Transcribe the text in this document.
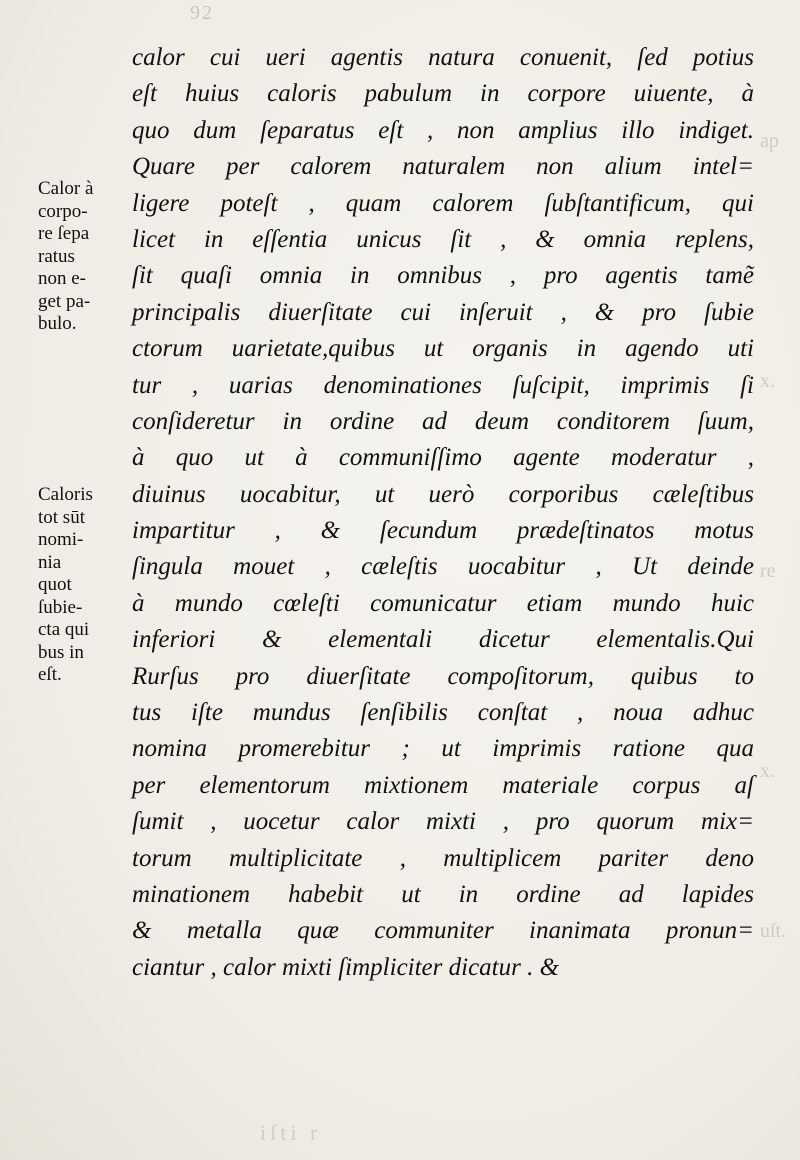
92
ap
x.
re
x.
uſt.
iſti r
Calor à
corpo-
re ſepa
ratus
non e-
get pa-
bulo.
Caloris
tot sūt
nomi-
nia
quot
ſubie-
cta qui
bus in
eſt.
calor cui ueri agentis natura conuenit, ſed potius
eſt huius caloris pabulum in corpore uiuente, à
quo dum ſeparatus eſt , non amplius illo indiget.
Quare per calorem naturalem non alium intel=
ligere poteſt , quam calorem ſubſtantificum, qui
licet in eſſentia unicus ſit , & omnia replens,
ſit quaſi omnia in omnibus , pro agentis tamẽ
principalis diuerſitate cui inſeruit , & pro ſubie
ctorum uarietate,quibus ut organis in agendo uti
tur , uarias denominationes ſuſcipit, imprimis ſi
conſideretur in ordine ad deum conditorem ſuum,
à quo ut à communiſſimo agente moderatur ,
diuinus uocabitur, ut uerò corporibus cæleſtibus
impartitur , & ſecundum prædeſtinatos motus
ſingula mouet , cæleſtis uocabitur , Ut deinde
à mundo cœleſti comunicatur etiam mundo huic
inferiori & elementali dicetur elementalis.Qui
Rurſus pro diuerſitate compoſitorum, quibus to
tus iſte mundus ſenſibilis conſtat , noua adhuc
nomina promerebitur ; ut imprimis ratione qua
per elementorum mixtionem materiale corpus aſ
ſumit , uocetur calor mixti , pro quorum mix=
torum multiplicitate , multiplicem pariter deno
minationem habebit ut in ordine ad lapides
& metalla quæ communiter inanimata pronun=
ciantur , calor mixti ſimpliciter dicatur . &
